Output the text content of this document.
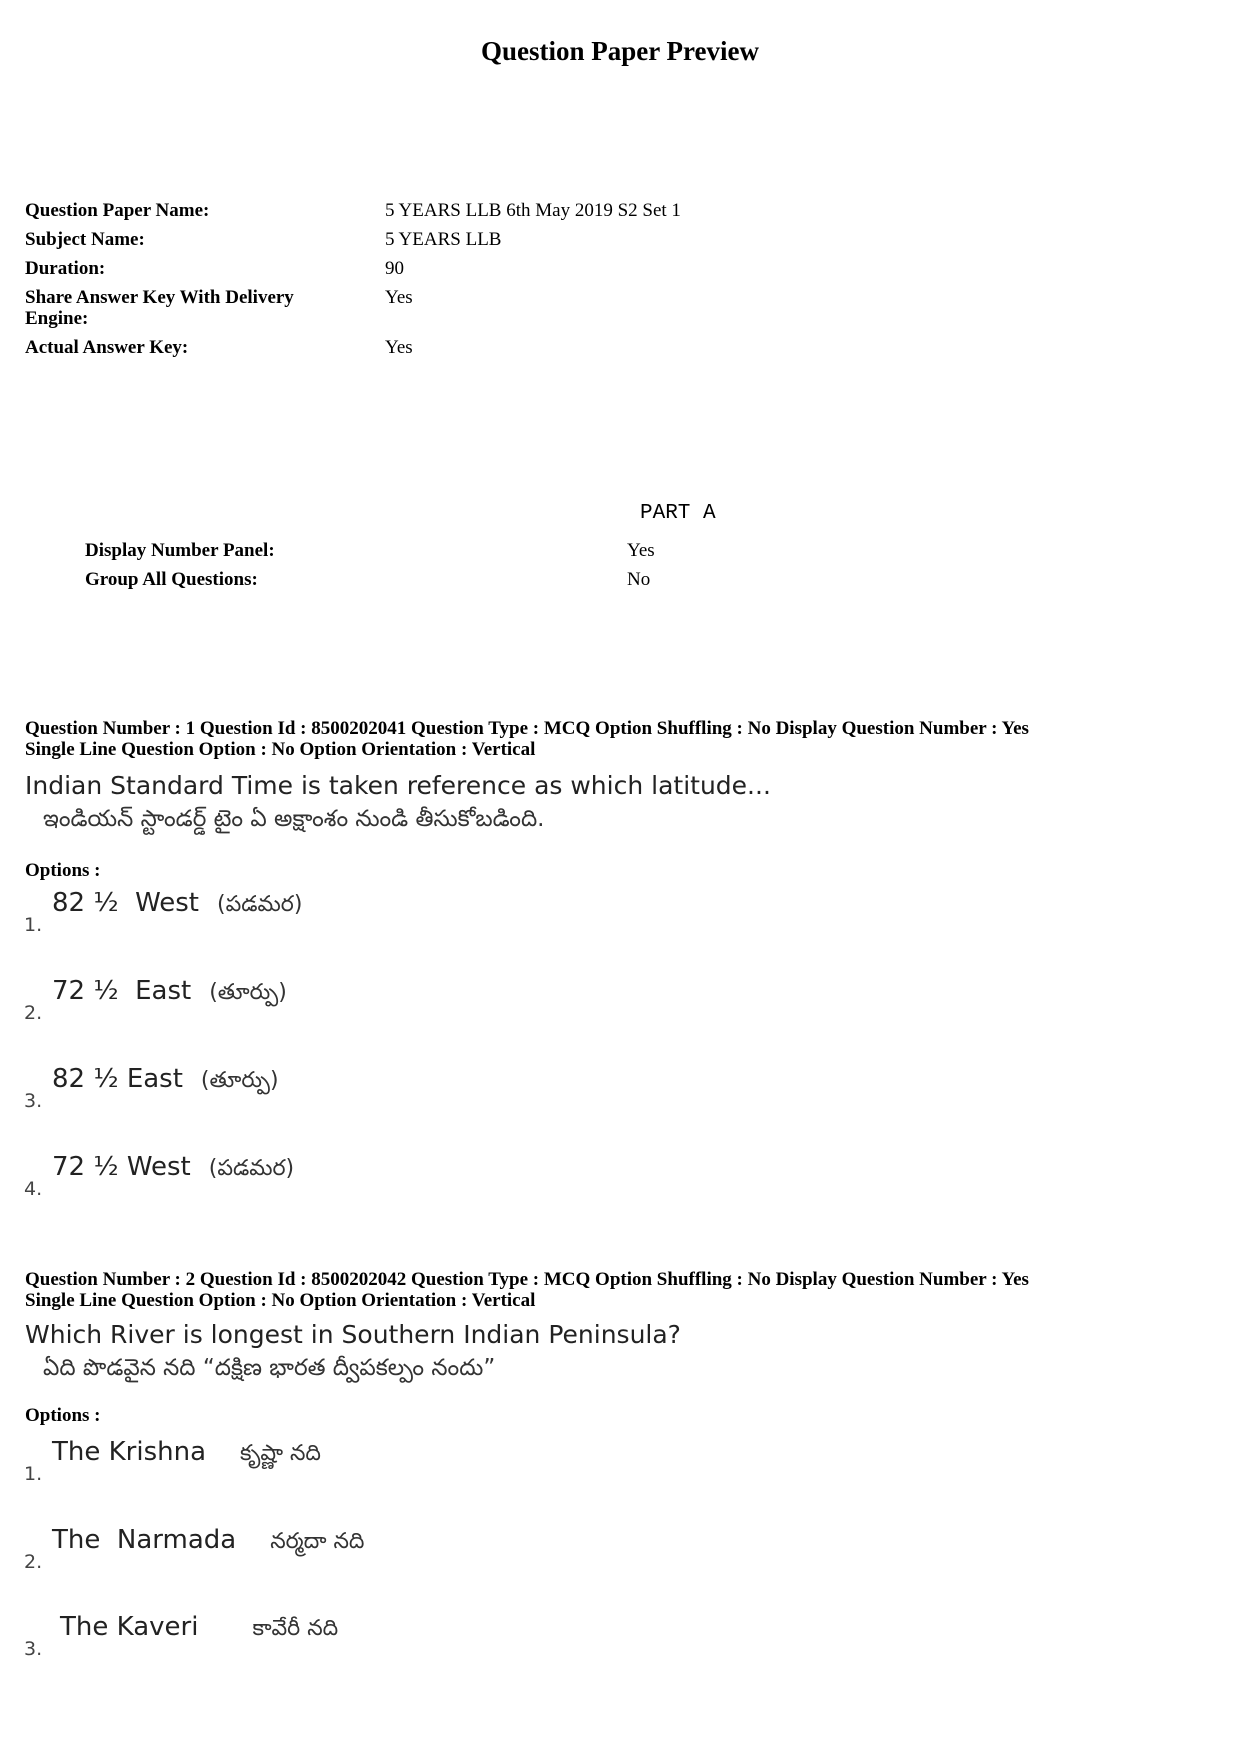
Question Paper Preview
Question Paper Name:	5 YEARS LLB 6th May 2019 S2 Set 1
Subject Name:	5 YEARS LLB
Duration:	90

Share Answer Key With Delivery Engine:	Yes
Actual Answer Key:	Yes
PART A
Display Number Panel:	Yes
Group All Questions:	No
Question Number : 1 Question Id : 8500202041 Question Type : MCQ Option Shuffling : No Display Question Number : Yes
Single Line Question Option : No Option Orientation : Vertical
Indian Standard Time is taken reference as which latitude...
ఇండియన్ స్టాండర్డ్ టైం ఏ అక్షాంశం నుండి తీసుకోబడింది.
Options :
1.
82 ½  West (పడమర)
2.
72 ½  East (తూర్పు)
3.
82 ½ East (తూర్పు)
4.
72 ½ West (పడమర)
Question Number : 2 Question Id : 8500202042 Question Type : MCQ Option Shuffling : No Display Question Number : Yes
Single Line Question Option : No Option Orientation : Vertical
Which River is longest in Southern Indian Peninsula?
ఏది పొడవైన నది “దక్షిణ భారత ద్వీపకల్పం నందు”
Options :
1.
The Krishna కృష్ణా నది
2.
The  Narmada నర్మదా నది
3.
The Kaveri కావేరీ నది
